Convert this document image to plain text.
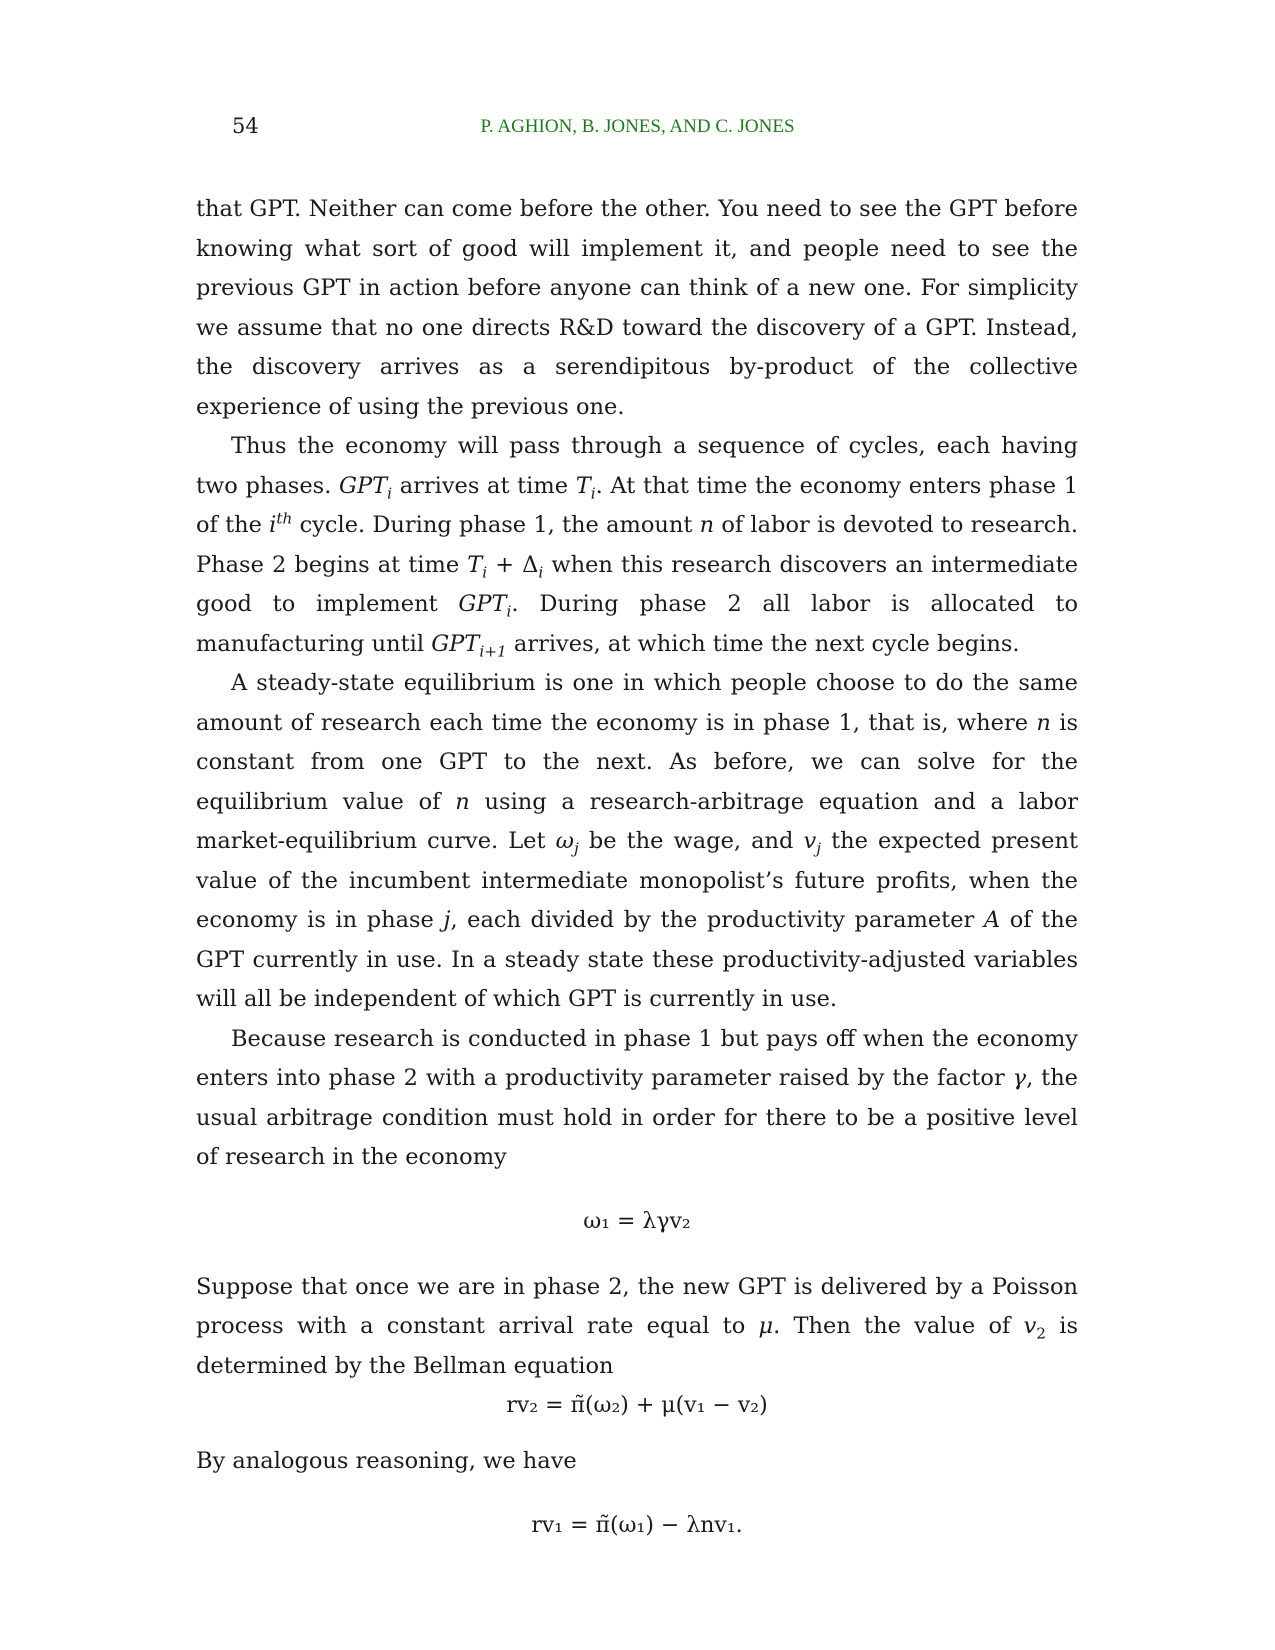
54	P. AGHION, B. JONES, AND C. JONES

that GPT. Neither can come before the other. You need to see the GPT before knowing what sort of good will implement it, and people need to see the previous GPT in action before anyone can think of a new one. For simplicity we assume that no one directs R&D toward the discovery of a GPT. Instead, the discovery arrives as a serendipitous by-product of the collective experience of using the previous one.

Thus the economy will pass through a sequence of cycles, each having two phases. $GPT_i$ arrives at time $T_i$. At that time the economy enters phase 1 of the $i^{th}$ cycle. During phase 1, the amount n of labor is devoted to research. Phase 2 begins at time $T_i + \Delta_i$ when this research discovers an intermediate good to implement $GPT_i$. During phase 2 all labor is allocated to manufacturing until $GPT_{i+1}$ arrives, at which time the next cycle begins.

A steady-state equilibrium is one in which people choose to do the same amount of research each time the economy is in phase 1, that is, where n is constant from one GPT to the next. As before, we can solve for the equilibrium value of n using a research-arbitrage equation and a labor market-equilibrium curve. Let $\omega_j$ be the wage, and $v_j$ the expected present value of the incumbent intermediate monopolist’s future profits, when the economy is in phase j, each divided by the productivity parameter A of the GPT currently in use. In a steady state these productivity-adjusted variables will all be independent of which GPT is currently in use.

Because research is conducted in phase 1 but pays off when the economy enters into phase 2 with a productivity parameter raised by the factor γ, the usual arbitrage condition must hold in order for there to be a positive level of research in the economy

ω₁ = λγv₂

Suppose that once we are in phase 2, the new GPT is delivered by a Poisson process with a constant arrival rate equal to μ. Then the value of $v_2$ is determined by the Bellman equation

rv₂ = π̃(ω₂) + μ(v₁ − v₂)

By analogous reasoning, we have

rv₁ = π̃(ω₁) − λnv₁.
